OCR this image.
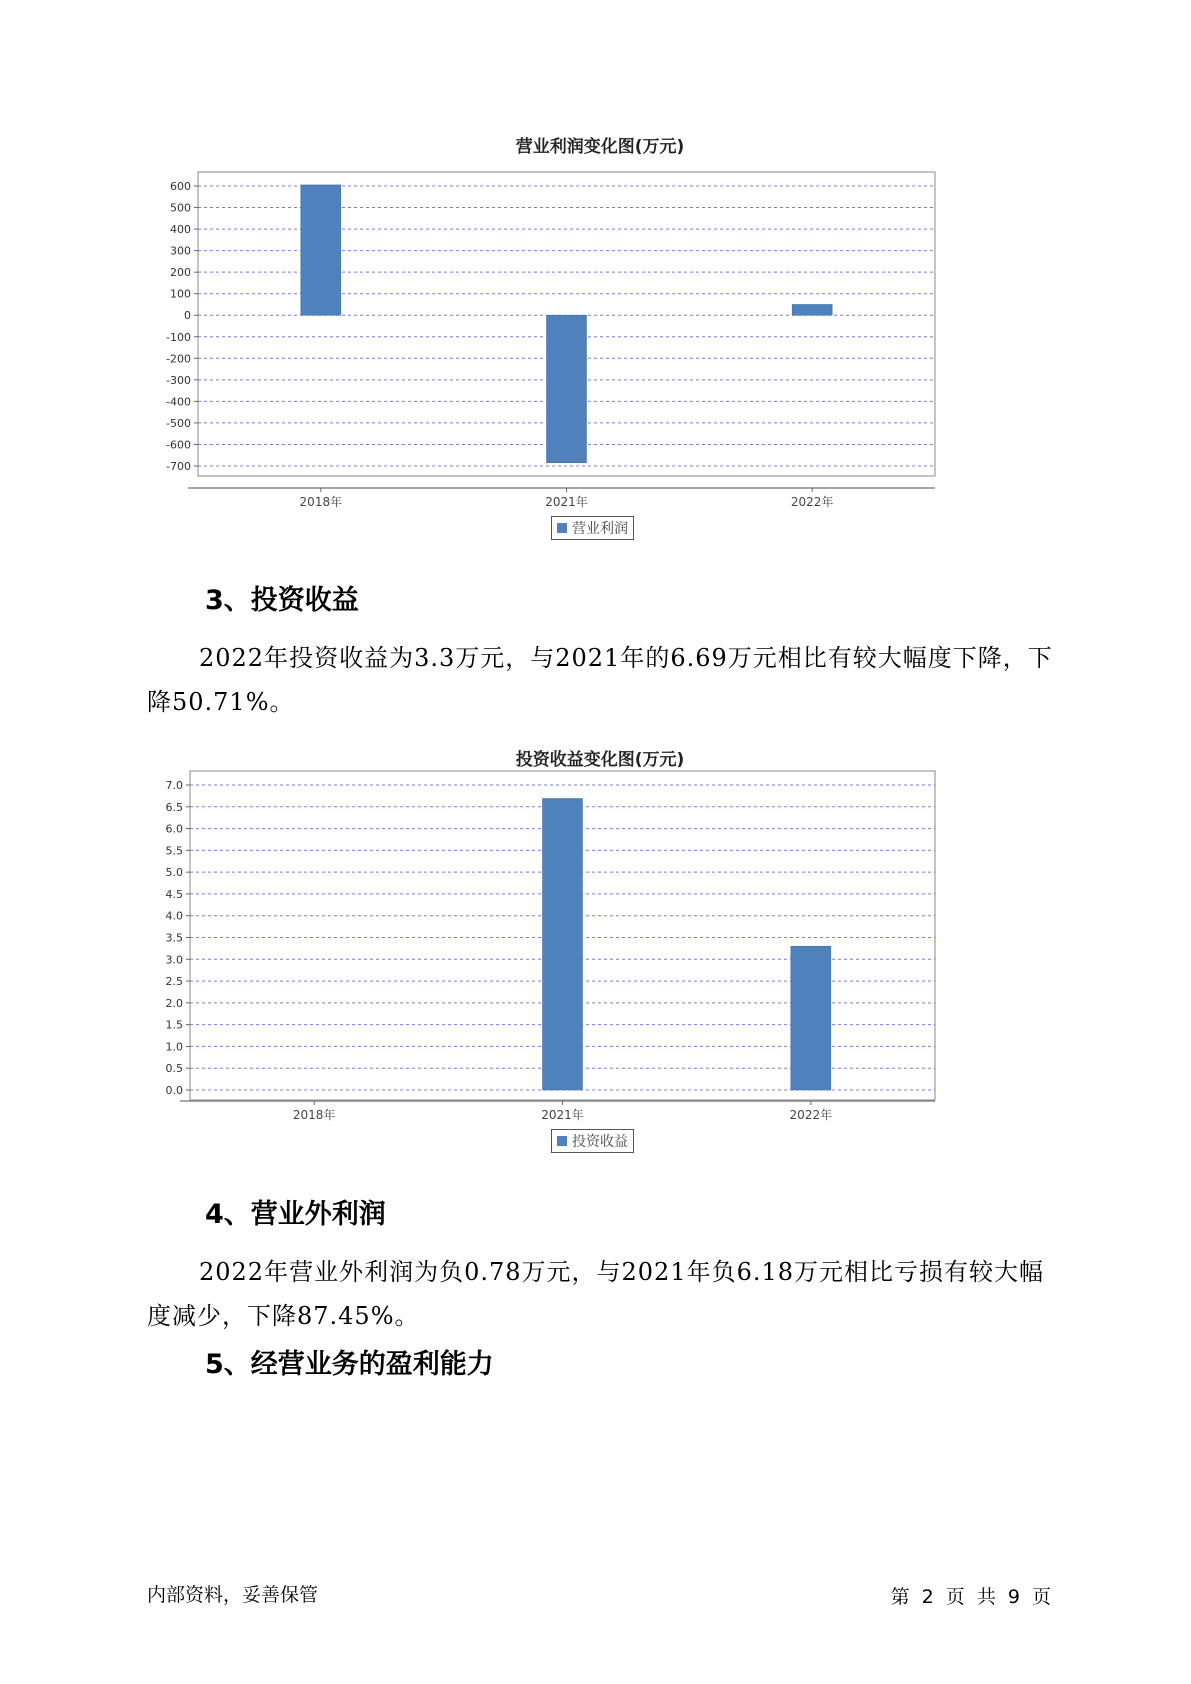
营业利润变化图(万元)
600
500
400
300
200
100
0
-100
-200
-300
-400
-500
-600
-700
2018年	2021年	2022年
营业利润
3、投资收益
2022年投资收益为3.3万元，与2021年的6.69万元相比有较大幅度下降，下降50.71%。
投资收益变化图(万元)
7.0
6.5
6.0
5.5
5.0
4.5
4.0
3.5
3.0
2.5
2.0
1.5
1.0
0.5
0.0
2018年	2021年	2022年
投资收益
4、营业外利润
2022年营业外利润为负0.78万元，与2021年负6.18万元相比亏损有较大幅度减少，下降87.45%。
5、经营业务的盈利能力
内部资料，妥善保管	第 2 页 共 9 页
